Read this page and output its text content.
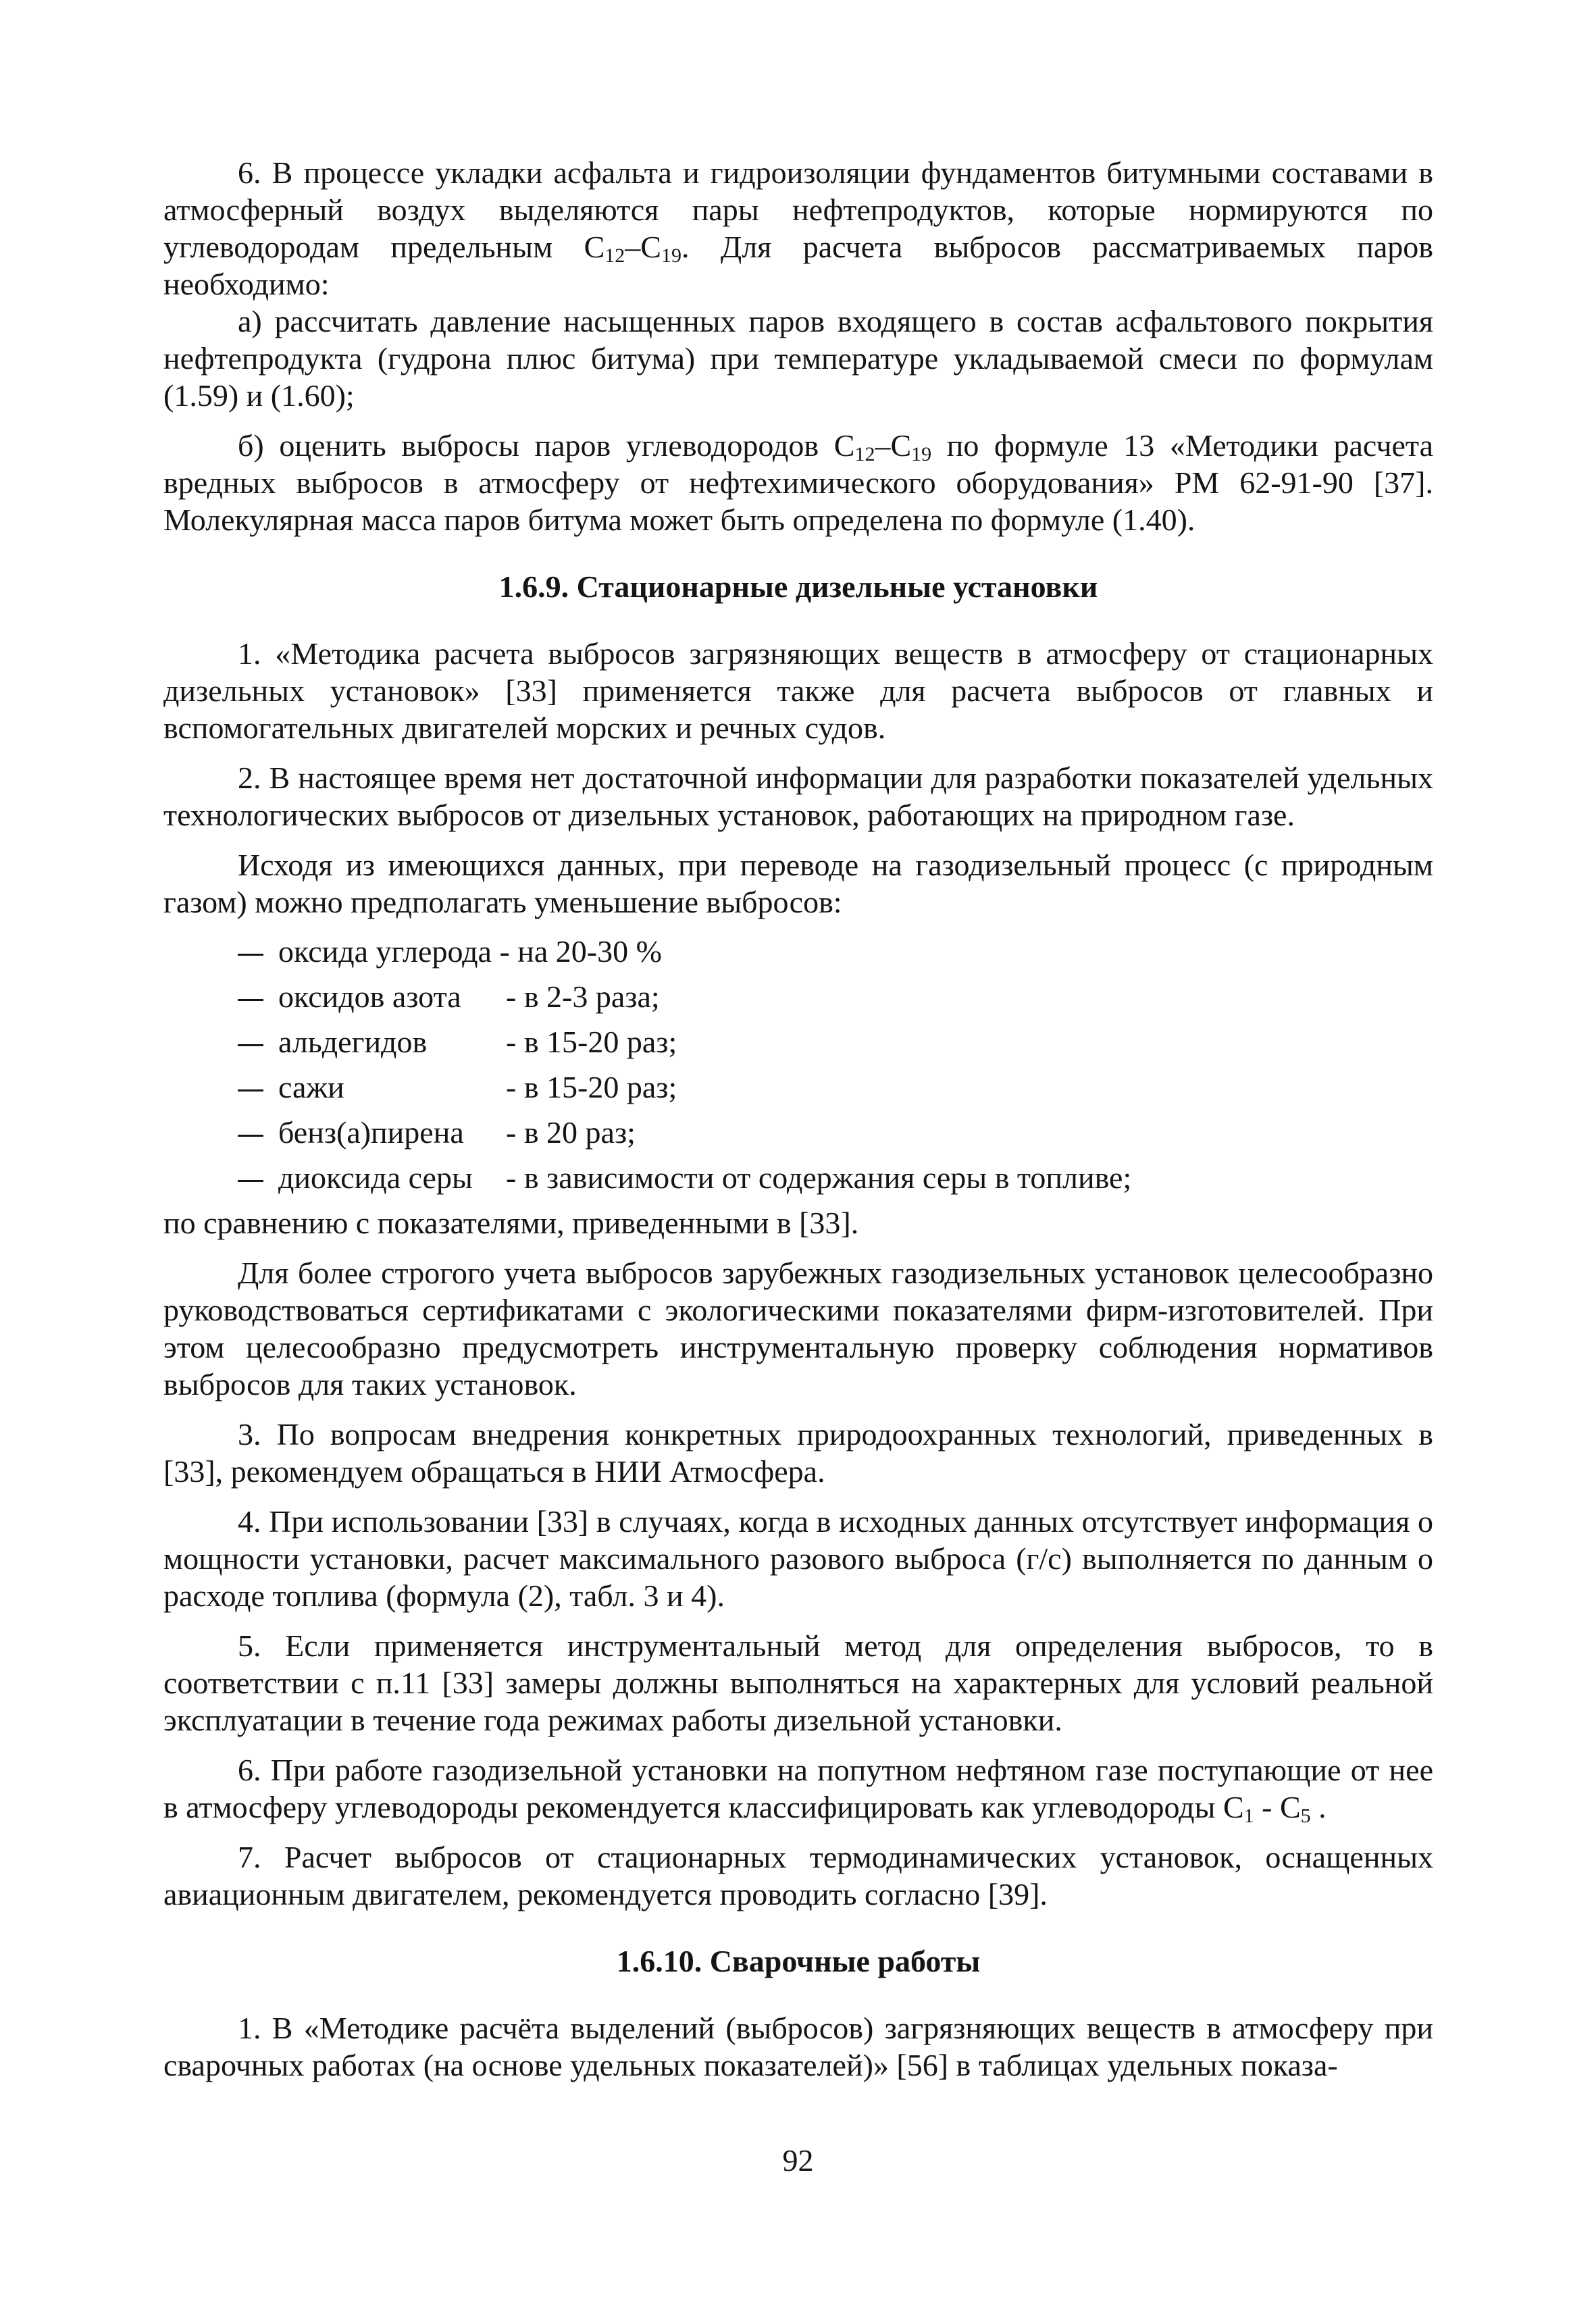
6. В процессе укладки асфальта и гидроизоляции фундаментов битумными составами в атмосферный воздух выделяются пары нефтепродуктов, которые нормируются по углеводородам предельным $C_{12}-C_{19}$. Для расчета выбросов рассматриваемых паров необходимо:

а) рассчитать давление насыщенных паров входящего в состав асфальтового покрытия нефтепродукта (гудрона плюс битума) при температуре укладываемой смеси по формулам (1.59) и (1.60);

б) оценить выбросы паров углеводородов $C_{12}-C_{19}$ по формуле 13 «Методики расчета вредных выбросов в атмосферу от нефтехимического оборудования» РМ 62-91-90 [37]. Молекулярная масса паров битума может быть определена по формуле (1.40).

1.6.9. Стационарные дизельные установки

1. «Методика расчета выбросов загрязняющих веществ в атмосферу от стационарных дизельных установок» [33] применяется также для расчета выбросов от главных и вспомогательных двигателей морских и речных судов.

2. В настоящее время нет достаточной информации для разработки показателей удельных технологических выбросов от дизельных установок, работающих на природном газе.

Исходя из имеющихся данных, при переводе на газодизельный процесс (с природным газом) можно предполагать уменьшение выбросов:

оксида углерода - на 20-30 %
оксидов азота	- в 2-3 раза;
альдегидов	- в 15-20 раз;
сажи	- в 15-20 раз;
бенз(а)пирена	- в 20 раз;
диоксида серы	- в зависимости от содержания серы в топливе;

по сравнению с показателями, приведенными в [33].

Для более строгого учета выбросов зарубежных газодизельных установок целесообразно руководствоваться сертификатами с экологическими показателями фирм-изготовителей. При этом целесообразно предусмотреть инструментальную проверку соблюдения нормативов выбросов для таких установок.

3. По вопросам внедрения конкретных природоохранных технологий, приведенных в [33], рекомендуем обращаться в НИИ Атмосфера.

4. При использовании [33] в случаях, когда в исходных данных отсутствует информация о мощности установки, расчет максимального разового выброса (г/с) выполняется по данным о расходе топлива (формула (2), табл. 3 и 4).

5. Если применяется инструментальный метод для определения выбросов, то в соответствии с п.11 [33] замеры должны выполняться на характерных для условий реальной эксплуатации в течение года режимах работы дизельной установки.

6. При работе газодизельной установки на попутном нефтяном газе поступающие от нее в атмосферу углеводороды рекомендуется классифицировать как углеводороды $C_1 - C_5$ .

7. Расчет выбросов от стационарных термодинамических установок, оснащенных авиационным двигателем, рекомендуется проводить согласно [39].

1.6.10. Сварочные работы

1. В «Методике расчёта выделений (выбросов) загрязняющих веществ в атмосферу при сварочных работах (на основе удельных показателей)» [56] в таблицах удельных показа-

92
